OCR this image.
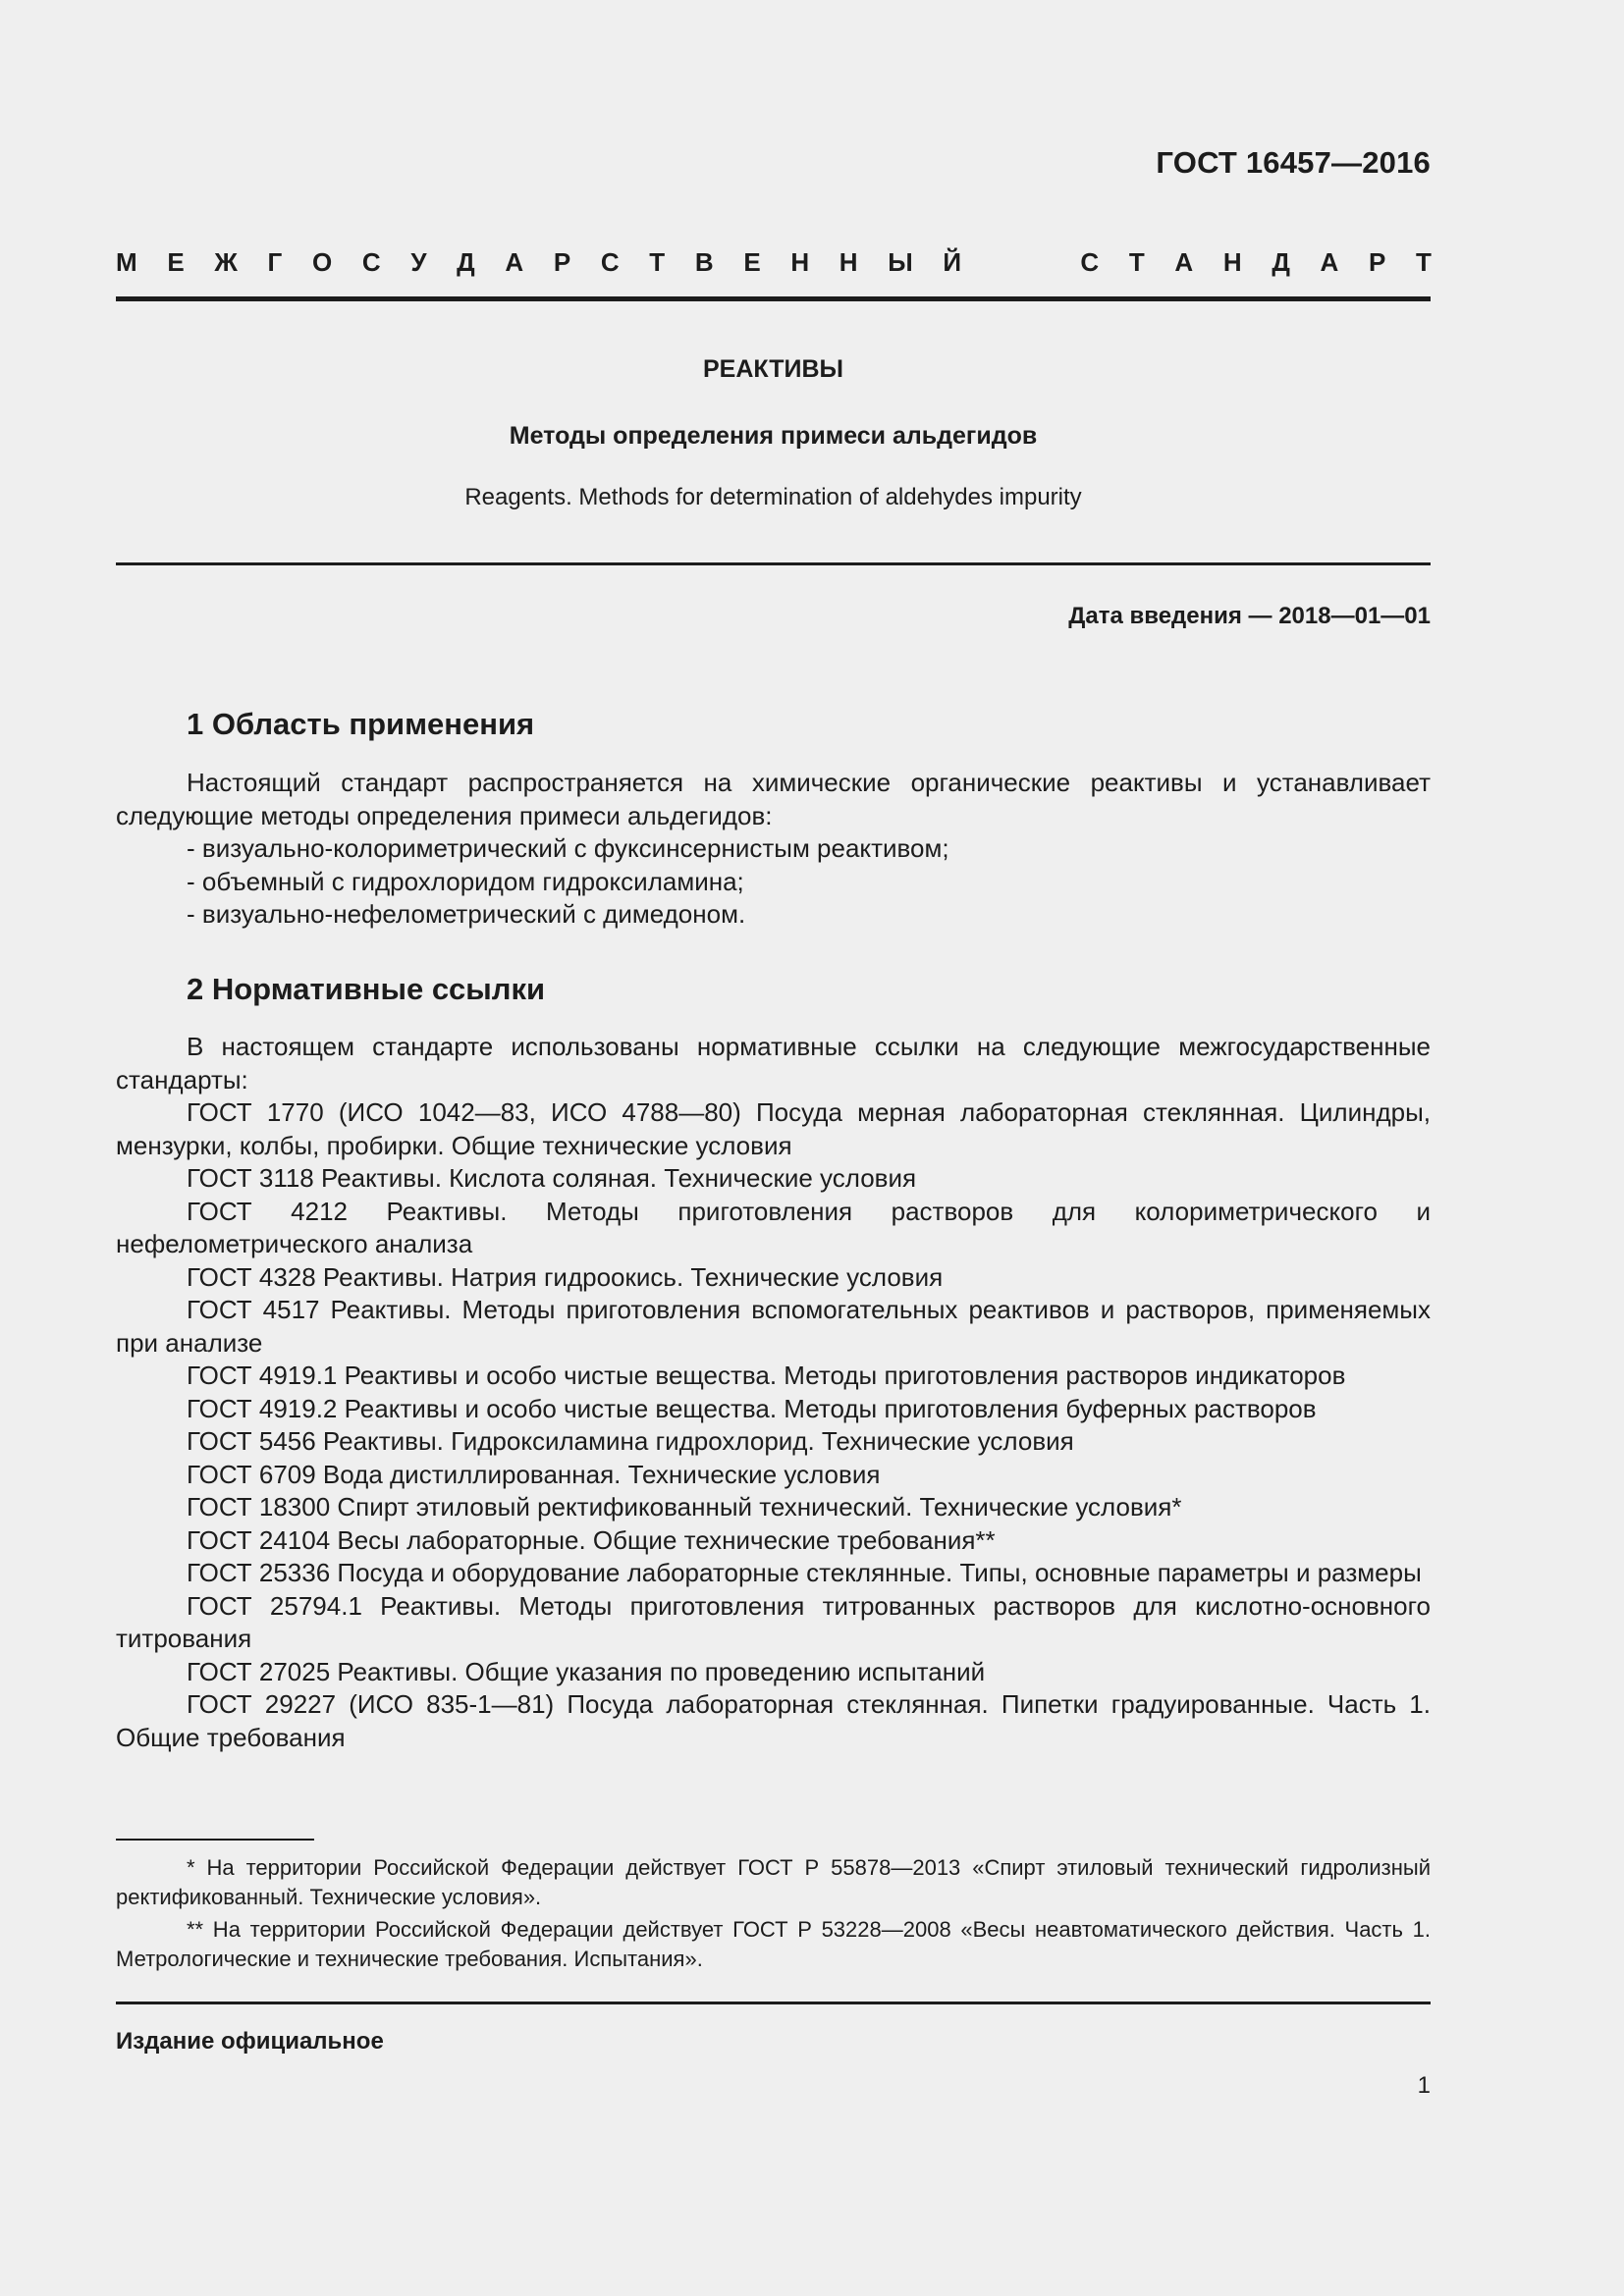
ГОСТ 16457—2016
М Е Ж Г О С У Д А Р С Т В Е Н Н Ы Й	С Т А Н Д А Р Т
РЕАКТИВЫ
Методы определения примеси альдегидов
Reagents. Methods for determination of aldehydes impurity
Дата введения — 2018—01—01
1 Область применения

Настоящий стандарт распространяется на химические органические реактивы и устанавливает следующие методы определения примеси альдегидов:

- визуально-колориметрический с фуксинсернистым реактивом;

- объемный с гидрохлоридом гидроксиламина;

- визуально-нефелометрический с димедоном.

2 Нормативные ссылки

В настоящем стандарте использованы нормативные ссылки на следующие межгосударственные стандарты:

ГОСТ 1770 (ИСО 1042—83, ИСО 4788—80) Посуда мерная лабораторная стеклянная. Цилиндры, мензурки, колбы, пробирки. Общие технические условия

ГОСТ 3118 Реактивы. Кислота соляная. Технические условия

ГОСТ 4212 Реактивы. Методы приготовления растворов для колориметрического и нефелометрического анализа

ГОСТ 4328 Реактивы. Натрия гидроокись. Технические условия

ГОСТ 4517 Реактивы. Методы приготовления вспомогательных реактивов и растворов, применяемых при анализе

ГОСТ 4919.1 Реактивы и особо чистые вещества. Методы приготовления растворов индикаторов

ГОСТ 4919.2 Реактивы и особо чистые вещества. Методы приготовления буферных растворов

ГОСТ 5456 Реактивы. Гидроксиламина гидрохлорид. Технические условия

ГОСТ 6709 Вода дистиллированная. Технические условия

ГОСТ 18300 Спирт этиловый ректификованный технический. Технические условия*

ГОСТ 24104 Весы лабораторные. Общие технические требования**

ГОСТ 25336 Посуда и оборудование лабораторные стеклянные. Типы, основные параметры и размеры

ГОСТ 25794.1 Реактивы. Методы приготовления титрованных растворов для кислотно-основного титрования

ГОСТ 27025 Реактивы. Общие указания по проведению испытаний

ГОСТ 29227 (ИСО 835-1—81) Посуда лабораторная стеклянная. Пипетки градуированные. Часть 1. Общие требования

* На территории Российской Федерации действует ГОСТ Р 55878—2013 «Спирт этиловый технический гидролизный ректификованный. Технические условия».

** На территории Российской Федерации действует ГОСТ Р 53228—2008 «Весы неавтоматического действия. Часть 1. Метрологические и технические требования. Испытания».

Издание официальное
1
